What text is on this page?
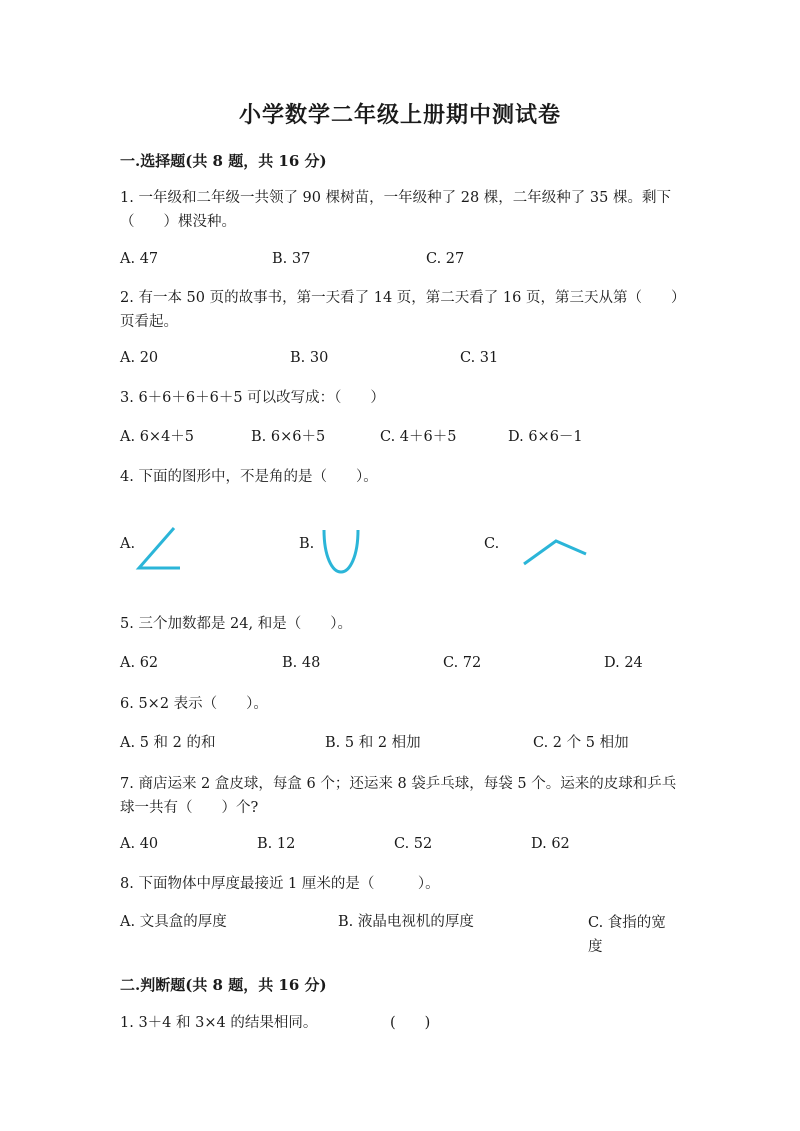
小学数学二年级上册期中测试卷
一.选择题(共 8 题，共 16 分)
1. 一年级和二年级一共领了 90 棵树苗，一年级种了 28 棵，二年级种了 35 棵。剩下（　　）棵没种。
A. 47	B. 37	C. 27
2. 有一本 50 页的故事书，第一天看了 14 页，第二天看了 16 页，第三天从第（　　）页看起。
A. 20	B. 30	C. 31
3. 6＋6＋6＋6＋5 可以改写成：（　　）
A. 6×4＋5	B. 6×6＋5	C. 4＋6＋5	D. 6×6－1
4. 下面的图形中，不是角的是（　　）。
A.	B.	C.
5. 三个加数都是 24, 和是（　　）。
A. 62	B. 48	C. 72	D. 24
6. 5×2 表示（　　）。
A. 5 和 2 的和	B. 5 和 2 相加	C. 2 个 5 相加
7. 商店运来 2 盒皮球，每盒 6 个；还运来 8 袋乒乓球，每袋 5 个。运来的皮球和乒乓球一共有（　　）个?
A. 40	B. 12	C. 52	D. 62
8. 下面物体中厚度最接近 1 厘米的是（　　　）。
A. 文具盒的厚度	B. 液晶电视机的厚度	C. 食指的宽度
二.判断题(共 8 题，共 16 分)
1. 3＋4 和 3×4 的结果相同。	(　　)
